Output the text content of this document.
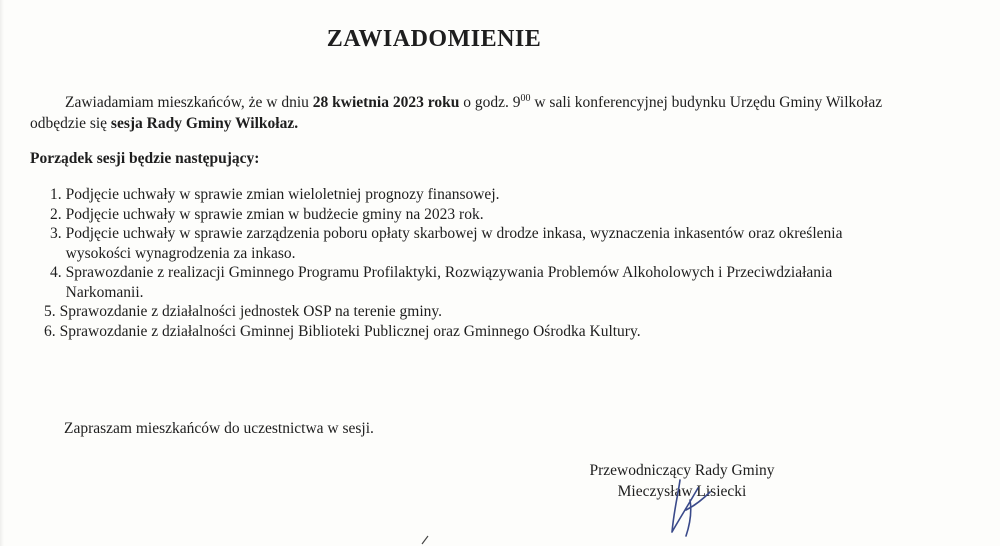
ZAWIADOMIENIE

Zawiadamiam mieszkańców, że w dniu 28 kwietnia 2023 roku o godz. $9^{00}$ w sali konferencyjnej budynku Urzędu Gminy Wilkołaz odbędzie się sesja Rady Gminy Wilkołaz.

Porządek sesji będzie następujący:

1. Podjęcie uchwały w sprawie zmian wieloletniej prognozy finansowej.
2. Podjęcie uchwały w sprawie zmian w budżecie gminy na 2023 rok.
3. Podjęcie uchwały w sprawie zarządzenia poboru opłaty skarbowej w drodze inkasa, wyznaczenia inkasentów oraz określenia
wysokości wynagrodzenia za inkaso.
4. Sprawozdanie z realizacji Gminnego Programu Profilaktyki, Rozwiązywania Problemów Alkoholowych i Przeciwdziałania
Narkomanii.
5. Sprawozdanie z działalności jednostek OSP na terenie gminy.
6. Sprawozdanie z działalności Gminnej Biblioteki Publicznej oraz Gminnego Ośrodka Kultury.

Zapraszam mieszkańców do uczestnictwa w sesji.

Przewodniczący Rady Gminy
Mieczysław Lisiecki
